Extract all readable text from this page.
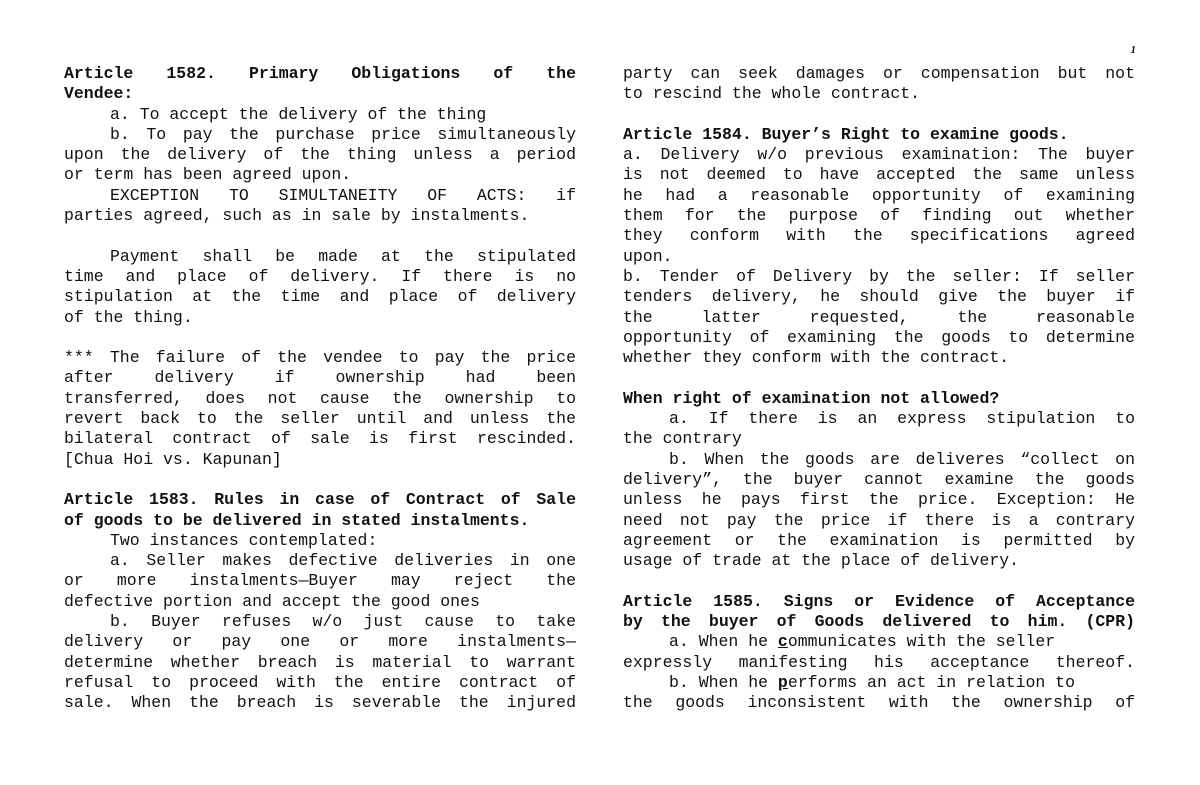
1
Article 1582. Primary Obligations of the
Vendee:
a. To accept the delivery of the thing
b. To pay the purchase price simultaneously
upon the delivery of the thing unless a period
or term has been agreed upon.
EXCEPTION TO SIMULTANEITY OF ACTS: if
parties agreed, such as in sale by instalments.
Payment shall be made at the stipulated
time and place of delivery. If there is no
stipulation at the time and place of delivery
of the thing.
*** The failure of the vendee to pay the price
after delivery if ownership had been
transferred, does not cause the ownership to
revert back to the seller until and unless the
bilateral contract of sale is first rescinded.
[Chua Hoi vs. Kapunan]
Article 1583. Rules in case of Contract of Sale
of goods to be delivered in stated instalments.
Two instances contemplated:
a. Seller makes defective deliveries in one
or more instalments—Buyer may reject the
defective portion and accept the good ones
b. Buyer refuses w/o just cause to take
delivery or pay one or more instalments—
determine whether breach is material to warrant
refusal to proceed with the entire contract of
sale. When the breach is severable the injured
party can seek damages or compensation but not
to rescind the whole contract.
Article 1584. Buyer’s Right to examine goods.
a. Delivery w/o previous examination: The buyer
is not deemed to have accepted the same unless
he had a reasonable opportunity of examining
them for the purpose of finding out whether
they conform with the specifications agreed
upon.
b. Tender of Delivery by the seller: If seller
tenders delivery, he should give the buyer if
the latter requested, the reasonable
opportunity of examining the goods to determine
whether they conform with the contract.
When right of examination not allowed?
a. If there is an express stipulation to
the contrary
b. When the goods are deliveres “collect on
delivery”, the buyer cannot examine the goods
unless he pays first the price. Exception: He
need not pay the price if there is a contrary
agreement or the examination is permitted by
usage of trade at the place of delivery.
Article 1585. Signs or Evidence of Acceptance
by the buyer of Goods delivered to him. (CPR)
a. When he communicates with the seller
expressly manifesting his acceptance thereof.
b. When he performs an act in relation to
the goods inconsistent with the ownership of
